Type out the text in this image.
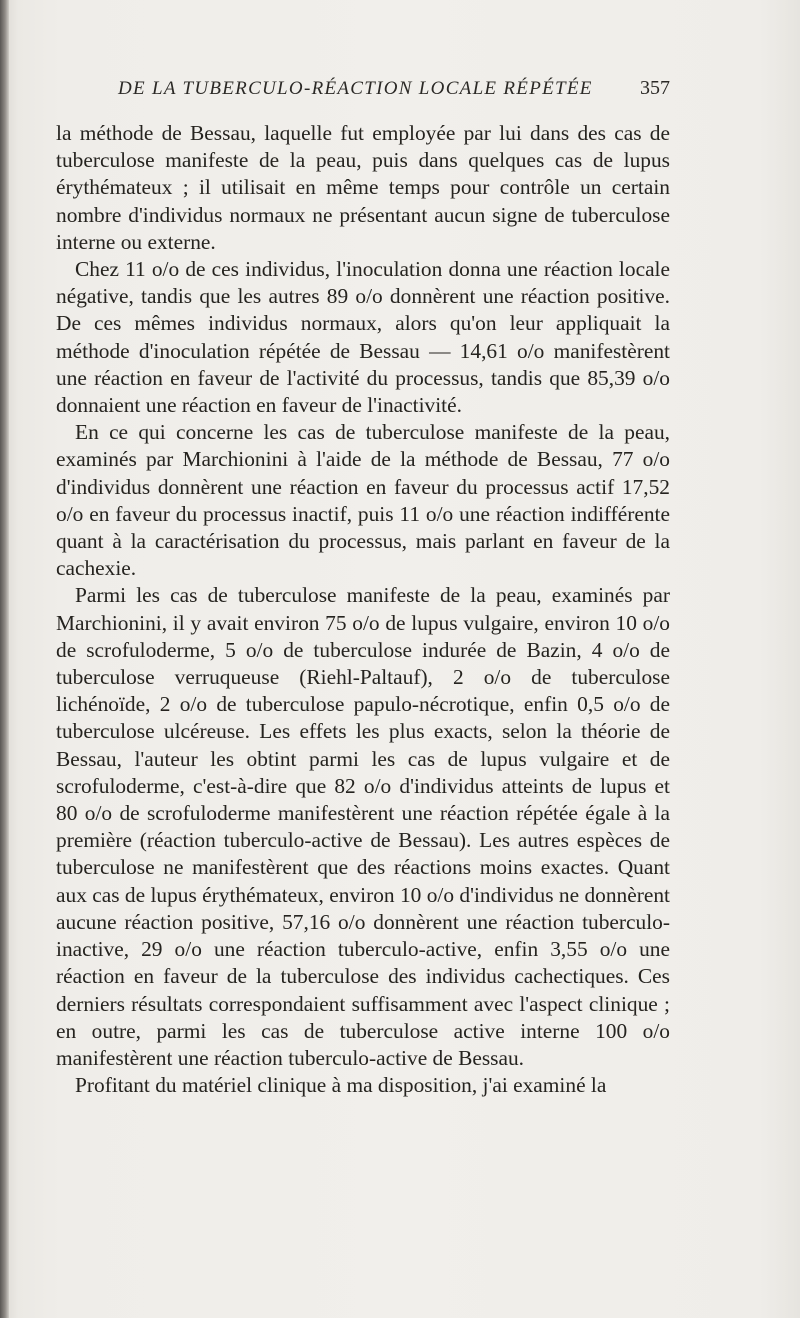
DE LA TUBERCULO-RÉACTION LOCALE RÉPÉTÉE 357

la méthode de Bessau, laquelle fut employée par lui dans des cas de tuberculose manifeste de la peau, puis dans quelques cas de lupus érythémateux ; il utilisait en même temps pour contrôle un certain nombre d'individus normaux ne présentant aucun signe de tuberculose interne ou externe.

Chez 11 o/o de ces individus, l'inoculation donna une réaction locale négative, tandis que les autres 89 o/o donnèrent une réaction positive. De ces mêmes individus normaux, alors qu'on leur appliquait la méthode d'inoculation répétée de Bessau — 14,61 o/o manifestèrent une réaction en faveur de l'activité du processus, tandis que 85,39 o/o donnaient une réaction en faveur de l'inactivité.

En ce qui concerne les cas de tuberculose manifeste de la peau, examinés par Marchionini à l'aide de la méthode de Bessau, 77 o/o d'individus donnèrent une réaction en faveur du processus actif 17,52 o/o en faveur du processus inactif, puis 11 o/o une réaction indifférente quant à la caractérisation du processus, mais parlant en faveur de la cachexie.

Parmi les cas de tuberculose manifeste de la peau, examinés par Marchionini, il y avait environ 75 o/o de lupus vulgaire, environ 10 o/o de scrofuloderme, 5 o/o de tuberculose indurée de Bazin, 4 o/o de tuberculose verruqueuse (Riehl-Paltauf), 2 o/o de tuberculose lichénoïde, 2 o/o de tuberculose papulo-nécrotique, enfin 0,5 o/o de tuberculose ulcéreuse. Les effets les plus exacts, selon la théorie de Bessau, l'auteur les obtint parmi les cas de lupus vulgaire et de scrofuloderme, c'est-à-dire que 82 o/o d'individus atteints de lupus et 80 o/o de scrofuloderme manifestèrent une réaction répétée égale à la première (réaction tuberculo-active de Bessau). Les autres espèces de tuberculose ne manifestèrent que des réactions moins exactes. Quant aux cas de lupus érythémateux, environ 10 o/o d'individus ne donnèrent aucune réaction positive, 57,16 o/o donnèrent une réaction tuberculo-inactive, 29 o/o une réaction tuberculo-active, enfin 3,55 o/o une réaction en faveur de la tuberculose des individus cachectiques. Ces derniers résultats correspondaient suffisamment avec l'aspect clinique ; en outre, parmi les cas de tuberculose active interne 100 o/o manifestèrent une réaction tuberculo-active de Bessau.

Profitant du matériel clinique à ma disposition, j'ai examiné la
